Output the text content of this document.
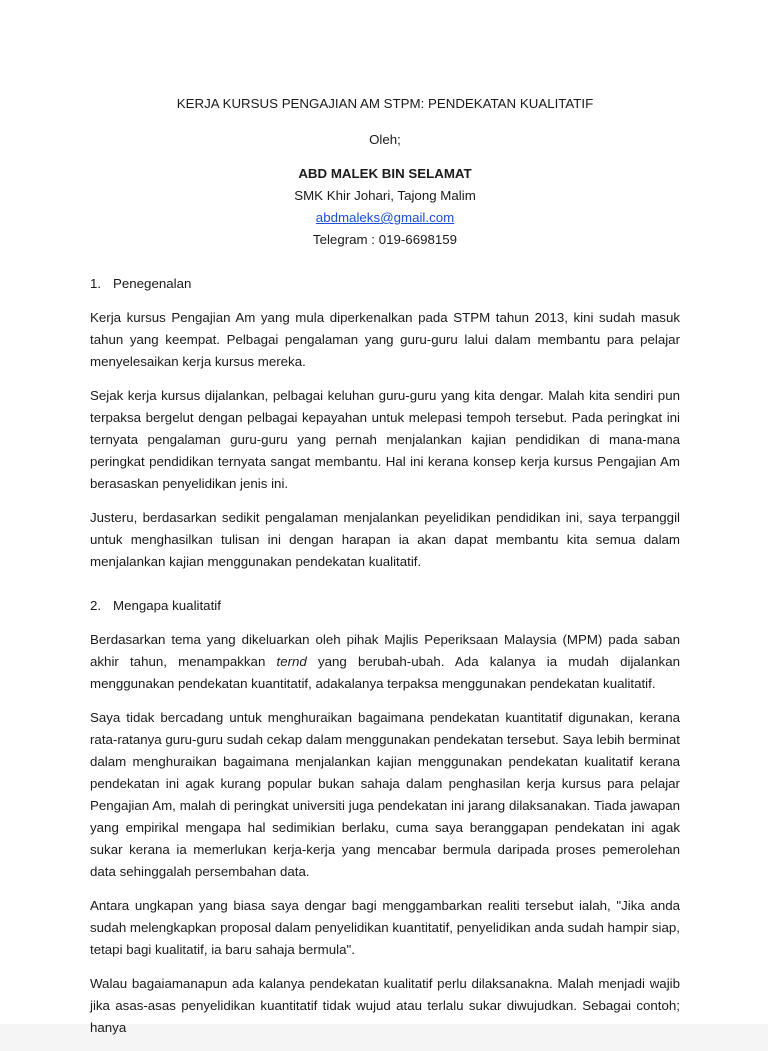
KERJA KURSUS PENGAJIAN AM STPM: PENDEKATAN KUALITATIF
Oleh;
ABD MALEK BIN SELAMAT
SMK Khir Johari, Tajong Malim
abdmaleks@gmail.com
Telegram : 019-6698159
1. Penegenalan

Kerja kursus Pengajian Am yang mula diperkenalkan pada STPM tahun 2013, kini sudah masuk tahun yang keempat. Pelbagai pengalaman yang guru-guru lalui dalam membantu para pelajar menyelesaikan kerja kursus mereka.

Sejak kerja kursus dijalankan, pelbagai keluhan guru-guru yang kita dengar. Malah kita sendiri pun terpaksa bergelut dengan pelbagai kepayahan untuk melepasi tempoh tersebut. Pada peringkat ini ternyata pengalaman guru-guru yang pernah menjalankan kajian pendidikan di mana-mana peringkat pendidikan ternyata sangat membantu. Hal ini kerana konsep kerja kursus Pengajian Am berasaskan penyelidikan jenis ini.

Justeru, berdasarkan sedikit pengalaman menjalankan peyelidikan pendidikan ini, saya terpanggil untuk menghasilkan tulisan ini dengan harapan ia akan dapat membantu kita semua dalam menjalankan kajian menggunakan pendekatan kualitatif.

2. Mengapa kualitatif

Berdasarkan tema yang dikeluarkan oleh pihak Majlis Peperiksaan Malaysia (MPM) pada saban akhir tahun, menampakkan ternd yang berubah-ubah. Ada kalanya ia mudah dijalankan menggunakan pendekatan kuantitatif, adakalanya terpaksa menggunakan pendekatan kualitatif.

Saya tidak bercadang untuk menghuraikan bagaimana pendekatan kuantitatif digunakan, kerana rata-ratanya guru-guru sudah cekap dalam menggunakan pendekatan tersebut. Saya lebih berminat dalam menghuraikan bagaimana menjalankan kajian menggunakan pendekatan kualitatif kerana pendekatan ini agak kurang popular bukan sahaja dalam penghasilan kerja kursus para pelajar Pengajian Am, malah di peringkat universiti juga pendekatan ini jarang dilaksanakan. Tiada jawapan yang empirikal mengapa hal sedimikian berlaku, cuma saya beranggapan pendekatan ini agak sukar kerana ia memerlukan kerja-kerja yang mencabar bermula daripada proses pemerolehan data sehinggalah persembahan data.

Antara ungkapan yang biasa saya dengar bagi menggambarkan realiti tersebut ialah, "Jika anda sudah melengkapkan proposal dalam penyelidikan kuantitatif, penyelidikan anda sudah hampir siap, tetapi bagi kualitatif, ia baru sahaja bermula".

Walau bagaiamanapun ada kalanya pendekatan kualitatif perlu dilaksanakna. Malah menjadi wajib jika asas-asas penyelidikan kuantitatif tidak wujud atau terlalu sukar diwujudkan. Sebagai contoh; hanya
